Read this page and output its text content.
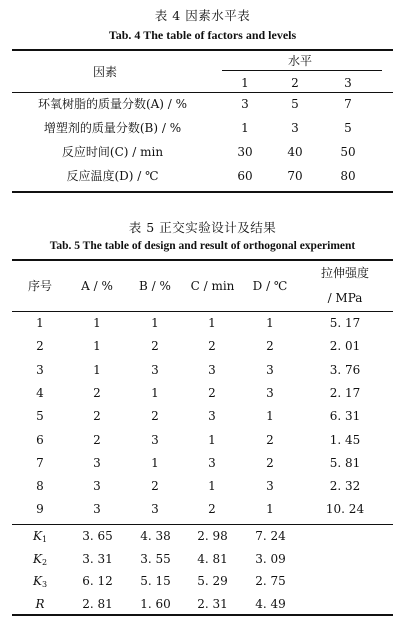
表 4 因素水平表
Tab. 4 The table of factors and levels
因素
水平
1	2	3
环氧树脂的质量分数(A) / %	3	5	7
增塑剂的质量分数(B) / %	1	3	5
反应时间(C) / min	30	40	50
反应温度(D) / ℃	60	70	80
表 5 正交实验设计及结果
Tab. 5 The table of design and result of orthogonal experiment
序号	A / %	B / %	C / min	D / ℃
拉伸强度
/ MPa
1	1	1	1	1	5. 17
2	1	2	2	2	2. 01
3	1	3	3	3	3. 76
4	2	1	2	3	2. 17
5	2	2	3	1	6. 31
6	2	3	1	2	1. 45
7	3	1	3	2	5. 81
8	3	2	1	3	2. 32
9	3	3	2	1	10. 24
$K_1$	3. 65	4. 38	2. 98	7. 24
$K_2$	3. 31	3. 55	4. 81	3. 09
$K_3$	6. 12	5. 15	5. 29	2. 75
R	2. 81	1. 60	2. 31	4. 49
